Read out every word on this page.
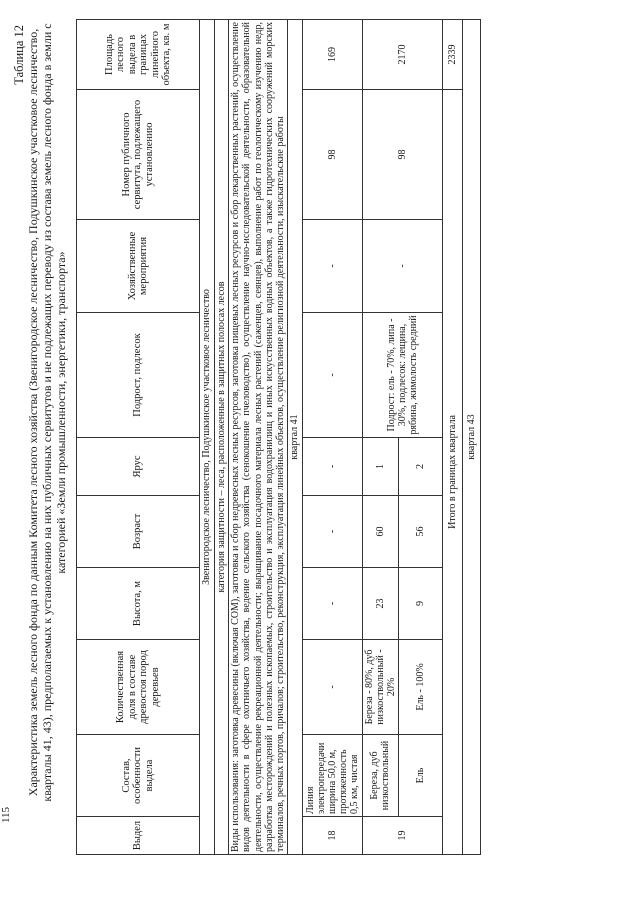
115
Таблица 12 Характеристика земель лесного фонда по данным Комитета лесного хозяйства (Звенигородское лесничество, Подушкинское участковое лесничество, кварталы 41, 43), предполагаемых к установлению на них публичных сервитутов и не подлежащих переводу из состава земель лесного фонда в земли с категорией «Земли промышленности, энергетики, транспорта»
Выдел	Состав, особенности выдела	Количественная доля в составе древостоя пород деревьев	Высота, м	Возраст	Ярус	Подрост, подлесок	Хозяйственные мероприятия	Номер публичного сервитута, подлежащего установлению	Площадь лесного выдела в границах линейного объекта, кв. м
Звенигородское лесничество, Подушкинское участковое лесничество									
категория защитности – леса, расположенные в защитных полосах лесов									
Виды использования: заготовка древесины (включая СОМ), заготовка и сбор недревесных лесных ресурсов, заготовка пищевых лесных ресурсов и сбор лекарственных растений, осуществление видов деятельности в сфере охотничьего хозяйства, ведение сельского хозяйства (сенокошение пчеловодство), осуществление научно-исследовательской деятельности, образовательной деятельности, осуществление рекреационной деятельности; выращивание посадочного материала лесных растений (саженцев, сеянцев), выполнение работ по геологическому изучению недр, разработка месторождений и полезных ископаемых, строительство и эксплуатация водохранилищ и иных искусственных водных объектов, а также гидротехнических сооружений морских терминалов, речных портов, причалов; строительство, реконструкция, эксплуатация линейных объектов, осуществление религиозной деятельности, изыскательские работы									
квартал 41									
18	Линия электропередачи ширина 50,0 м, протяженность 0,5 км, чистая	-	-	-	-	-	-	98	169
19	Береза, дуб низкоствольный	Береза - 80%, дуб низкоствольный - 20%	23	60	1	Подрост: ель - 70%, липа - 30%, подлесок: лещина, рябина, жимолость средний	-	98	2170
	Ель	Ель - 100%	9	56	2				
Итого в границах квартала									2339
квартал 43									
